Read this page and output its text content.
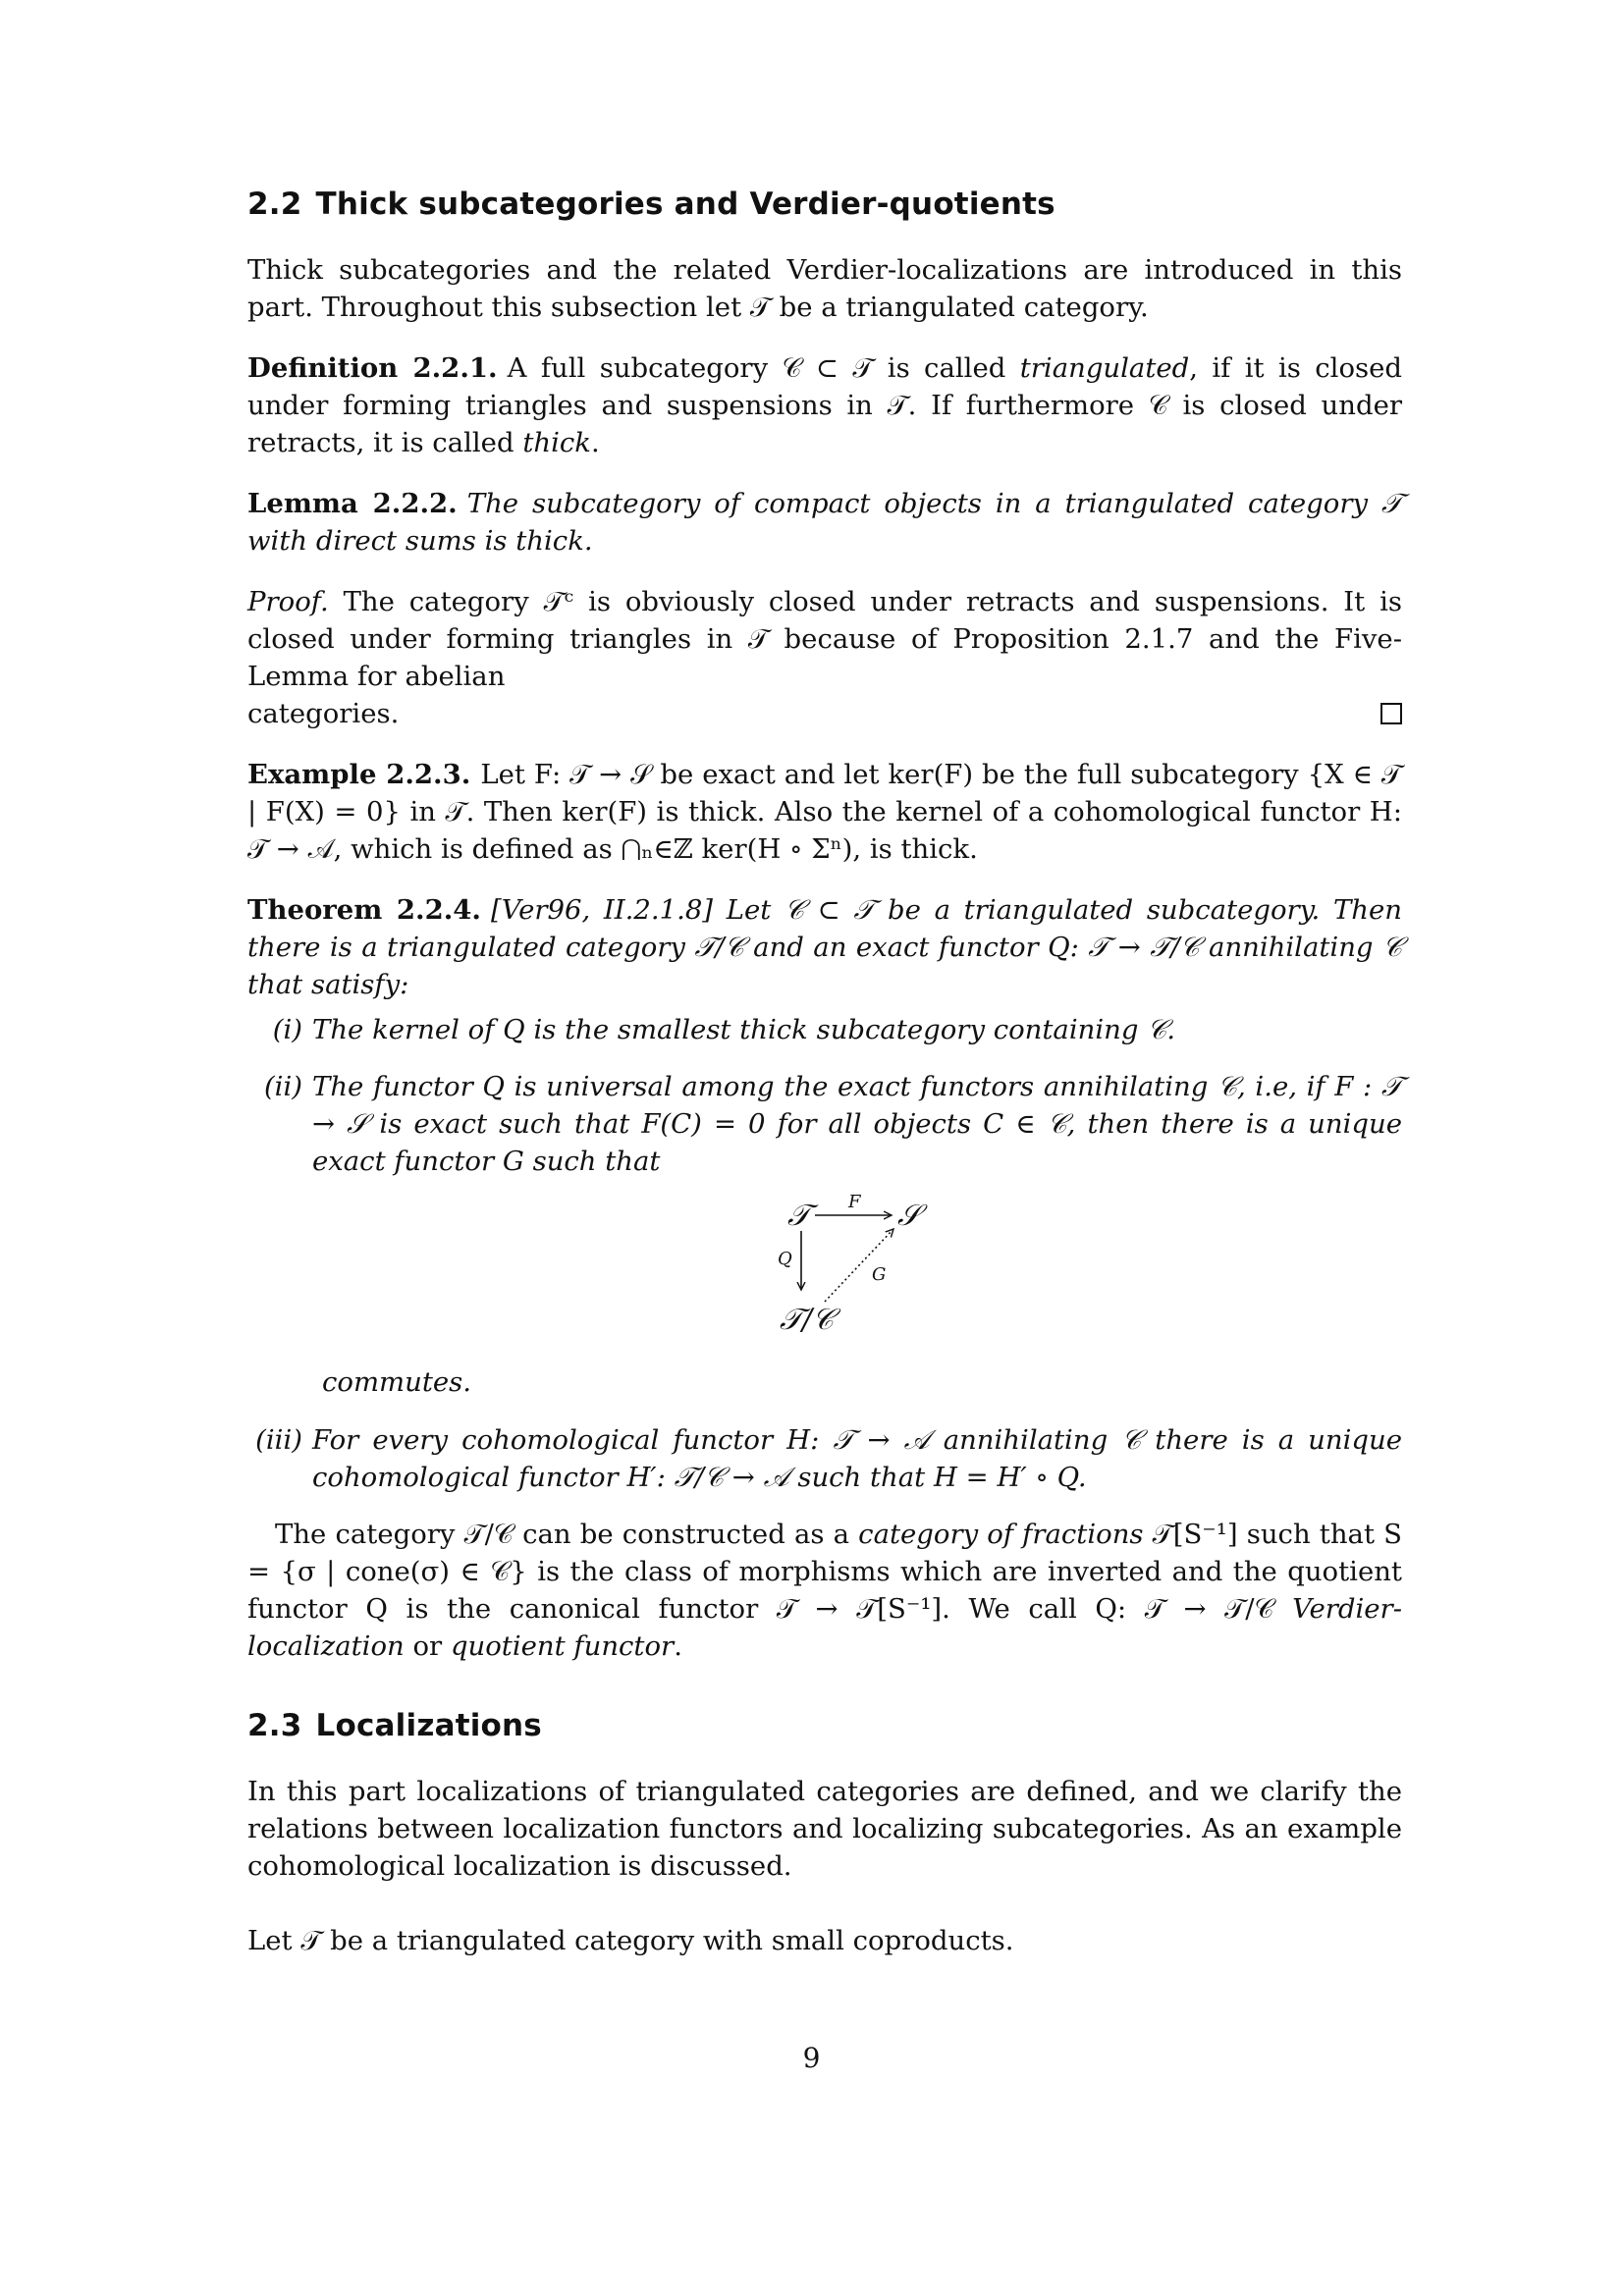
2.2 Thick subcategories and Verdier-quotients

Thick subcategories and the related Verdier-localizations are introduced in this part. Throughout this subsection let 𝒯 be a triangulated category.

Definition 2.2.1. A full subcategory 𝒞 ⊂ 𝒯 is called triangulated, if it is closed under forming triangles and suspensions in 𝒯. If furthermore 𝒞 is closed under retracts, it is called thick.

Lemma 2.2.2. The subcategory of compact objects in a triangulated category 𝒯 with direct sums is thick.

Proof. The category 𝒯ᶜ is obviously closed under retracts and suspensions. It is closed under forming triangles in 𝒯 because of Proposition 2.1.7 and the Five-Lemma for abelian

categories.

Example 2.2.3. Let F: 𝒯 → 𝒮 be exact and let ker(F) be the full subcategory {X ∈ 𝒯 | F(X) = 0} in 𝒯. Then ker(F) is thick. Also the kernel of a cohomological functor H: 𝒯 → 𝒜, which is defined as ⋂ₙ∈ℤ ker(H ∘ Σⁿ), is thick.

Theorem 2.2.4. [Ver96, II.2.1.8] Let 𝒞 ⊂ 𝒯 be a triangulated subcategory. Then there is a triangulated category 𝒯/𝒞 and an exact functor Q: 𝒯 → 𝒯/𝒞 annihilating 𝒞 that satisfy:

(i) The kernel of Q is the smallest thick subcategory containing 𝒞.
(ii) The functor Q is universal among the exact functors annihilating 𝒞, i.e, if F : 𝒯 → 𝒮 is exact such that F(C) = 0 for all objects C ∈ 𝒞, then there is a unique exact functor G such that
𝒯	𝒮
𝒯/𝒞
F
Q
G
commutes.
(iii) For every cohomological functor H: 𝒯 → 𝒜 annihilating 𝒞 there is a unique cohomological functor H′: 𝒯/𝒞 → 𝒜 such that H = H′ ∘ Q.

The category 𝒯/𝒞 can be constructed as a category of fractions 𝒯[S⁻¹] such that S = {σ | cone(σ) ∈ 𝒞} is the class of morphisms which are inverted and the quotient functor Q is the canonical functor 𝒯 → 𝒯[S⁻¹]. We call Q: 𝒯 → 𝒯/𝒞 Verdier-localization or quotient functor.

2.3 Localizations

In this part localizations of triangulated categories are defined, and we clarify the relations between localization functors and localizing subcategories. As an example cohomological localization is discussed.

Let 𝒯 be a triangulated category with small coproducts.

9
